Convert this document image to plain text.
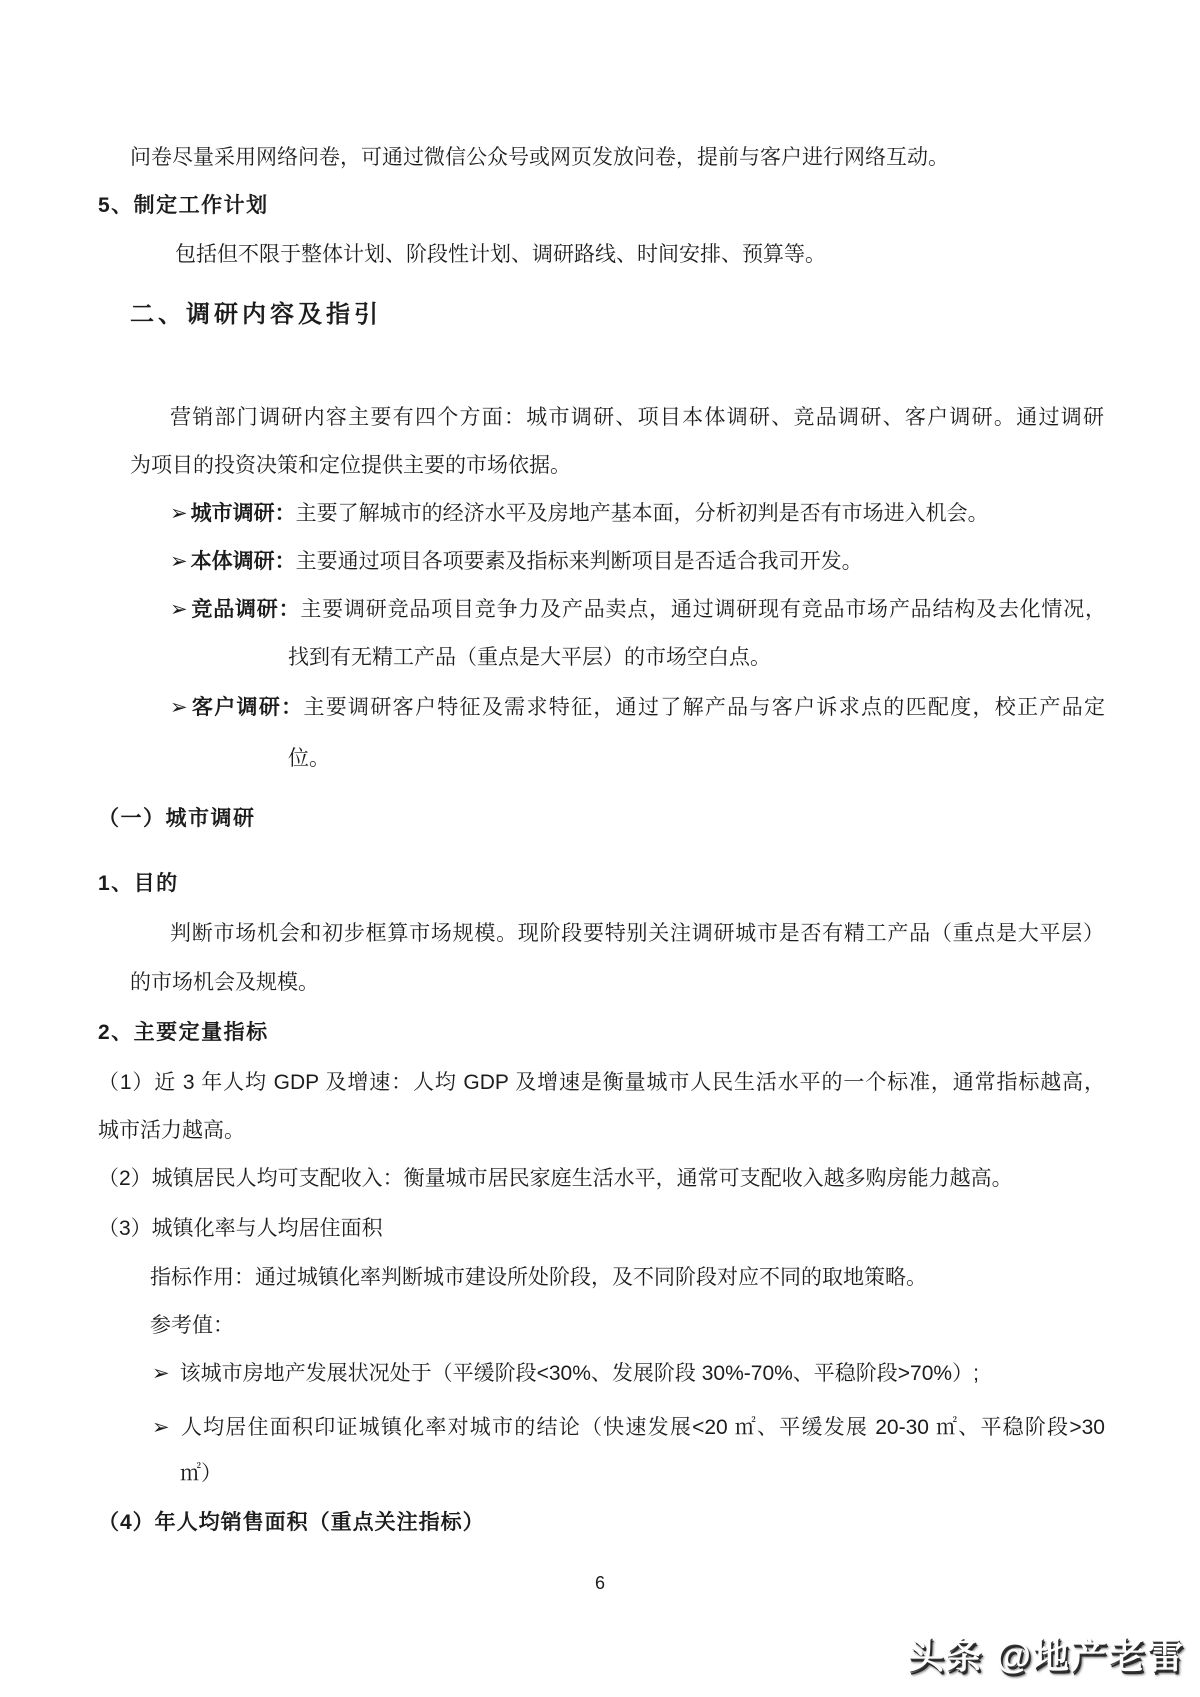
问卷尽量采用网络问卷，可通过微信公众号或网页发放问卷，提前与客户进行网络互动。
5、制定工作计划
包括但不限于整体计划、阶段性计划、调研路线、时间安排、预算等。
二、调研内容及指引
营销部门调研内容主要有四个方面：城市调研、项目本体调研、竞品调研、客户调研。通过调研
为项目的投资决策和定位提供主要的市场依据。
➢ 城市调研：主要了解城市的经济水平及房地产基本面，分析初判是否有市场进入机会。
➢ 本体调研：主要通过项目各项要素及指标来判断项目是否适合我司开发。
➢ 竞品调研：主要调研竞品项目竞争力及产品卖点，通过调研现有竞品市场产品结构及去化情况，
找到有无精工产品（重点是大平层）的市场空白点。
➢ 客户调研：主要调研客户特征及需求特征，通过了解产品与客户诉求点的匹配度，校正产品定
位。
（一）城市调研
1、目的
判断市场机会和初步框算市场规模。现阶段要特别关注调研城市是否有精工产品（重点是大平层）
的市场机会及规模。
2、主要定量指标
（1）近 3 年人均 GDP 及增速：人均 GDP 及增速是衡量城市人民生活水平的一个标准，通常指标越高，
城市活力越高。
（2）城镇居民人均可支配收入：衡量城市居民家庭生活水平，通常可支配收入越多购房能力越高。
（3）城镇化率与人均居住面积
指标作用：通过城镇化率判断城市建设所处阶段，及不同阶段对应不同的取地策略。
参考值：
➢ 该城市房地产发展状况处于（平缓阶段<30%、发展阶段 30%-70%、平稳阶段>70%）;
➢ 人均居住面积印证城镇化率对城市的结论（快速发展<20 ㎡、平缓发展 20-30 ㎡、平稳阶段>30
㎡）
（4）年人均销售面积（重点关注指标）
6
头条 @地产老雷
